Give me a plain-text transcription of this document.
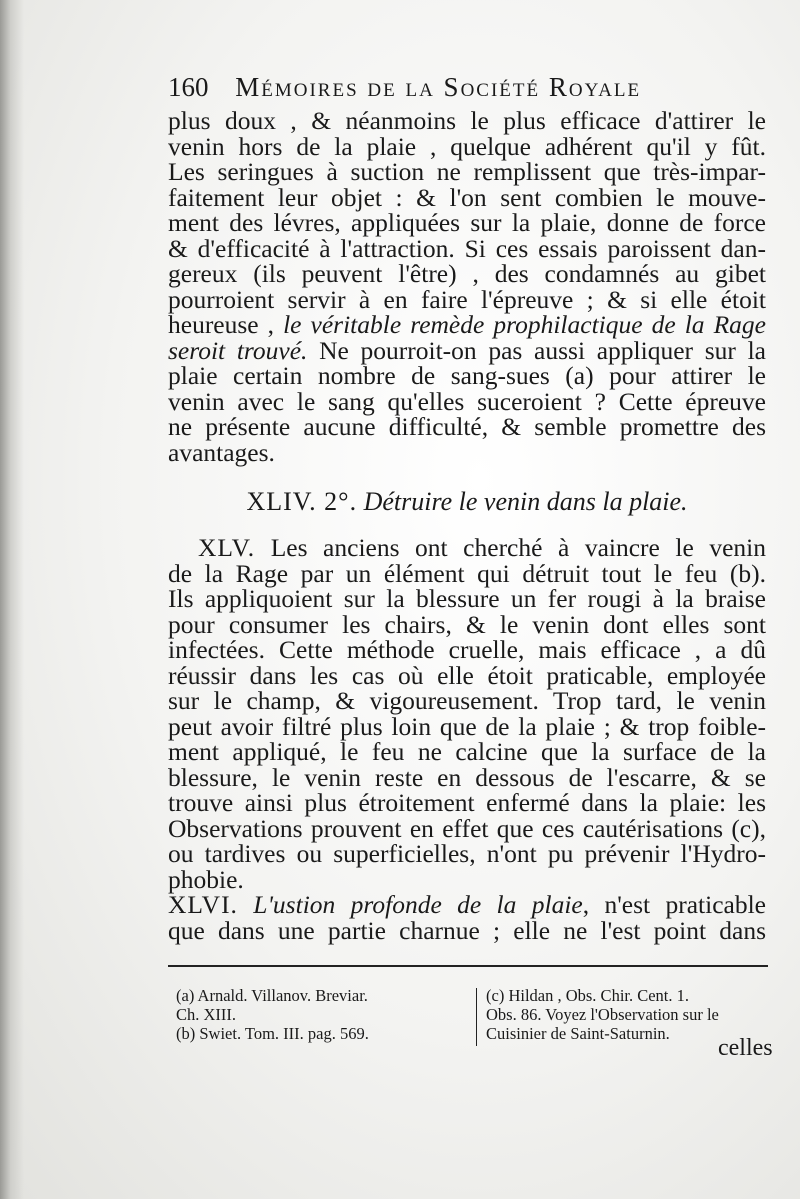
160 Mémoires de la Société Royale
plus doux , & néanmoins le plus efficace d'attirer le
venin hors de la plaie , quelque adhérent qu'il y fût.
Les seringues à suction ne remplissent que très-impar-
faitement leur objet : & l'on sent combien le mouve-
ment des lévres, appliquées sur la plaie, donne de force
& d'efficacité à l'attraction. Si ces essais paroissent dan-
gereux (ils peuvent l'être) , des condamnés au gibet
pourroient servir à en faire l'épreuve ; & si elle étoit
heureuse , le véritable remède prophilactique de la Rage
seroit trouvé. Ne pourroit-on pas aussi appliquer sur la
plaie certain nombre de sang-sues (a) pour attirer le
venin avec le sang qu'elles suceroient ? Cette épreuve
ne présente aucune difficulté, & semble promettre des
avantages.
XLIV. 2°. Détruire le venin dans la plaie.
XLV. Les anciens ont cherché à vaincre le venin
de la Rage par un élément qui détruit tout le feu (b).
Ils appliquoient sur la blessure un fer rougi à la braise
pour consumer les chairs, & le venin dont elles sont
infectées. Cette méthode cruelle, mais efficace , a dû
réussir dans les cas où elle étoit praticable, employée
sur le champ, & vigoureusement. Trop tard, le venin
peut avoir filtré plus loin que de la plaie ; & trop foible-
ment appliqué, le feu ne calcine que la surface de la
blessure, le venin reste en dessous de l'escarre, & se
trouve ainsi plus étroitement enfermé dans la plaie: les
Observations prouvent en effet que ces cautérisations (c),
ou tardives ou superficielles, n'ont pu prévenir l'Hydro-
phobie.
XLVI. L'ustion profonde de la plaie, n'est praticable
que dans une partie charnue ; elle ne l'est point dans
(a) Arnald. Villanov. Breviar.
Ch. XIII.
(b) Swiet. Tom. III. pag. 569.
(c) Hildan , Obs. Chir. Cent. 1.
Obs. 86. Voyez l'Observation sur le
Cuisinier de Saint-Saturnin.
celles
